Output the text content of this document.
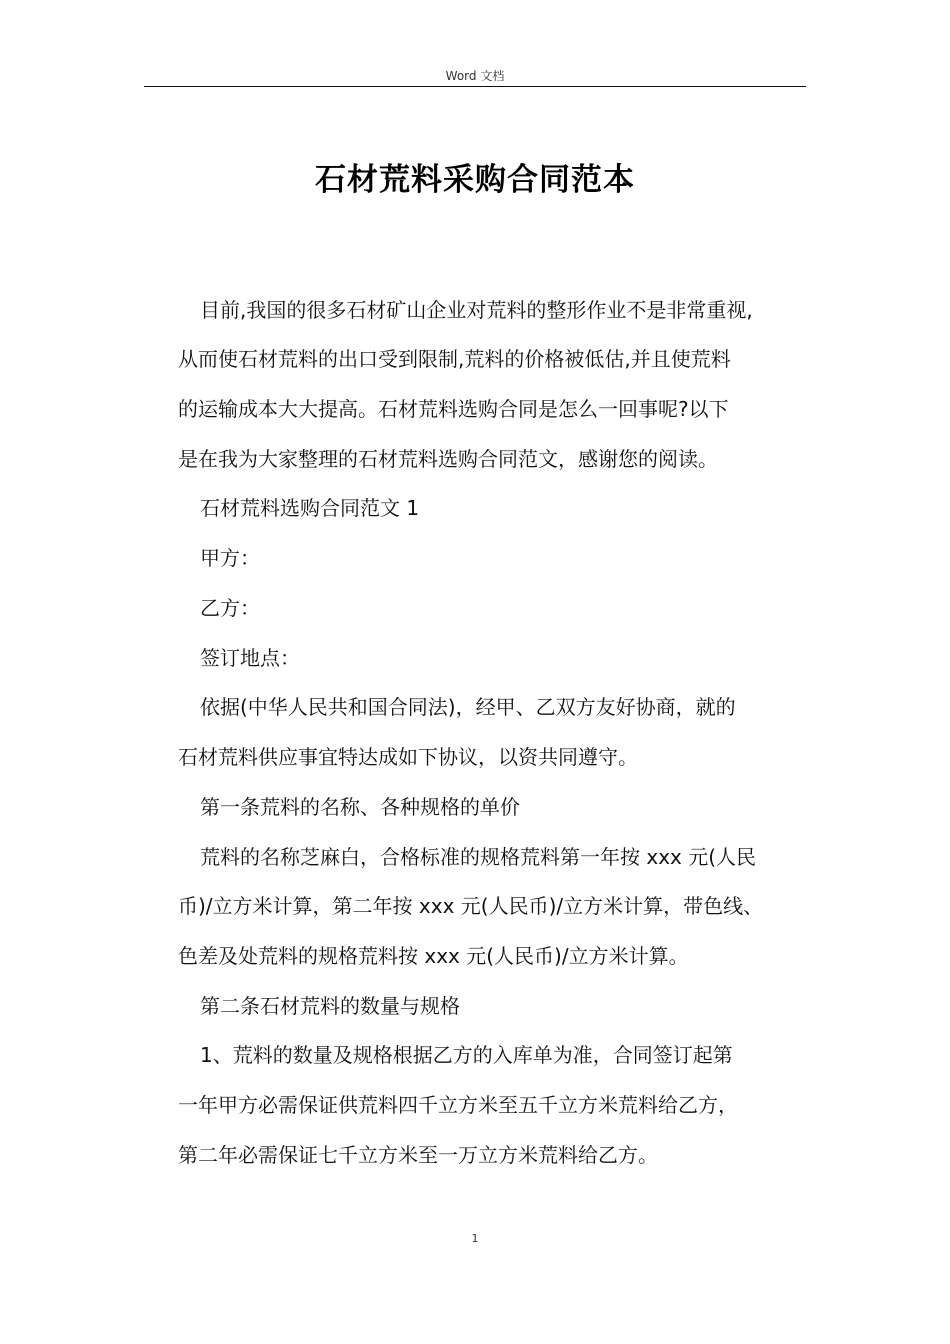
Word 文档
石材荒料采购合同范本
目前,我国的很多石材矿山企业对荒料的整形作业不是非常重视,
从而使石材荒料的出口受到限制,荒料的价格被低估,并且使荒料
的运输成本大大提高。石材荒料选购合同是怎么一回事呢?以下
是在我为大家整理的石材荒料选购合同范文，感谢您的阅读。
石材荒料选购合同范文 1
甲方：
乙方：
签订地点：
依据(中华人民共和国合同法)，经甲、乙双方友好协商，就的
石材荒料供应事宜特达成如下协议，以资共同遵守。
第一条荒料的名称、各种规格的单价
荒料的名称芝麻白，合格标准的规格荒料第一年按 xxx 元(人民
币)/立方米计算，第二年按 xxx 元(人民币)/立方米计算，带色线、
色差及处荒料的规格荒料按 xxx 元(人民币)/立方米计算。
第二条石材荒料的数量与规格
1、荒料的数量及规格根据乙方的入库单为准，合同签订起第
一年甲方必需保证供荒料四千立方米至五千立方米荒料给乙方，
第二年必需保证七千立方米至一万立方米荒料给乙方。
1
